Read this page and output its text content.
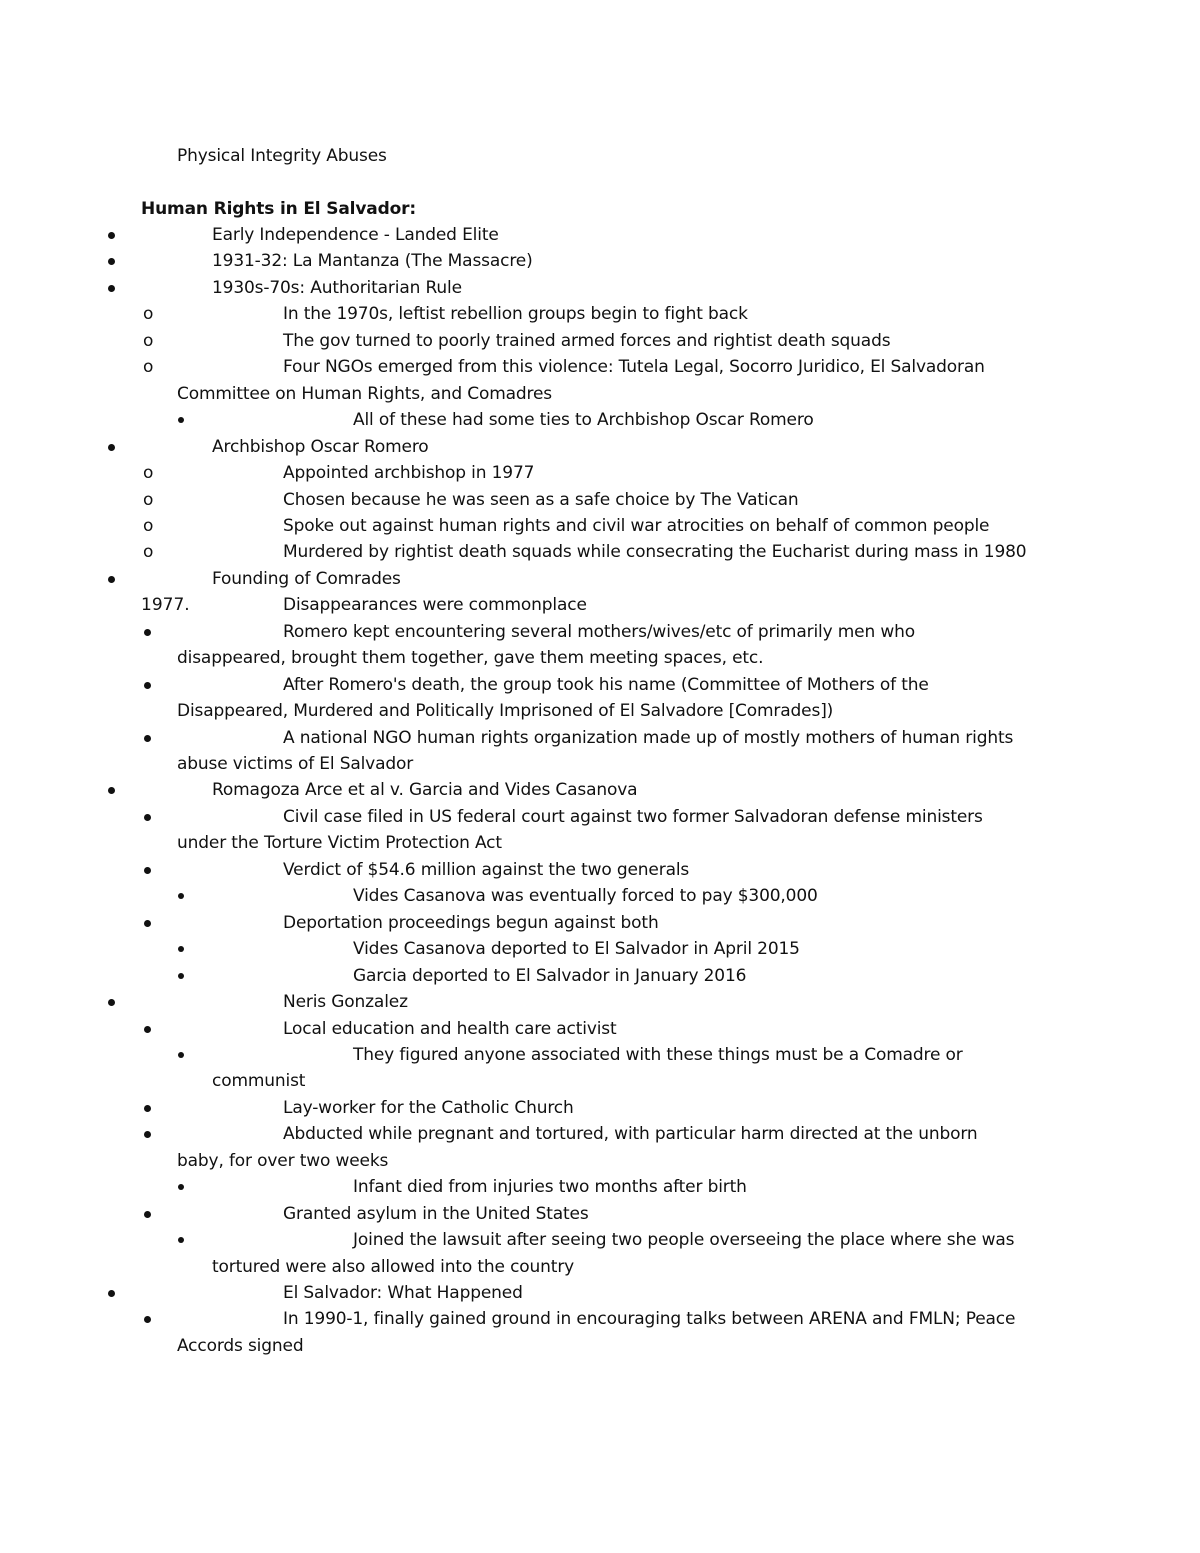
Physical Integrity Abuses
Human Rights in El Salvador:
Early Independence - Landed Elite
1931-32: La Mantanza (The Massacre)
1930s-70s: Authoritarian Rule
o	In the 1970s, leftist rebellion groups begin to fight back
o	The gov turned to poorly trained armed forces and rightist death squads
o	Four NGOs emerged from this violence: Tutela Legal, Socorro Juridico, El Salvadoran
Committee on Human Rights, and Comadres
All of these had some ties to Archbishop Oscar Romero
Archbishop Oscar Romero
o	Appointed archbishop in 1977
o	Chosen because he was seen as a safe choice by The Vatican
o	Spoke out against human rights and civil war atrocities on behalf of common people
o	Murdered by rightist death squads while consecrating the Eucharist during mass in 1980
Founding of Comrades
1977.	Disappearances were commonplace
Romero kept encountering several mothers/wives/etc of primarily men who
disappeared, brought them together, gave them meeting spaces, etc.
After Romero's death, the group took his name (Committee of Mothers of the
Disappeared, Murdered and Politically Imprisoned of El Salvadore [Comrades])
A national NGO human rights organization made up of mostly mothers of human rights
abuse victims of El Salvador
Romagoza Arce et al v. Garcia and Vides Casanova
Civil case filed in US federal court against two former Salvadoran defense ministers
under the Torture Victim Protection Act
Verdict of $54.6 million against the two generals
Vides Casanova was eventually forced to pay $300,000
Deportation proceedings begun against both
Vides Casanova deported to El Salvador in April 2015
Garcia deported to El Salvador in January 2016
Neris Gonzalez
Local education and health care activist
They figured anyone associated with these things must be a Comadre or
communist
Lay-worker for the Catholic Church
Abducted while pregnant and tortured, with particular harm directed at the unborn
baby, for over two weeks
Infant died from injuries two months after birth
Granted asylum in the United States
Joined the lawsuit after seeing two people overseeing the place where she was
tortured were also allowed into the country
El Salvador: What Happened
In 1990-1, finally gained ground in encouraging talks between ARENA and FMLN; Peace
Accords signed
